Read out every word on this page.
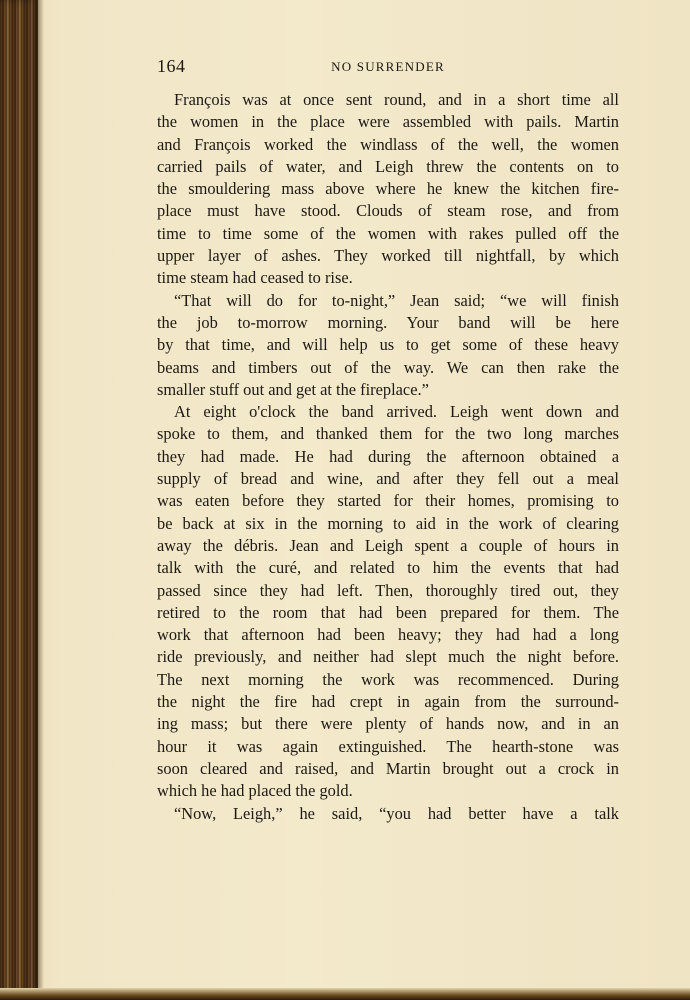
164	NO SURRENDER
François was at once sent round, and in a short time all
the women in the place were assembled with pails. Martin
and François worked the windlass of the well, the women
carried pails of water, and Leigh threw the contents on to
the smouldering mass above where he knew the kitchen fire-
place must have stood. Clouds of steam rose, and from
time to time some of the women with rakes pulled off the
upper layer of ashes. They worked till nightfall, by which
time steam had ceased to rise.
“That will do for to-night,” Jean said; “we will finish
the job to-morrow morning. Your band will be here
by that time, and will help us to get some of these heavy
beams and timbers out of the way. We can then rake the
smaller stuff out and get at the fireplace.”
At eight o'clock the band arrived. Leigh went down and
spoke to them, and thanked them for the two long marches
they had made. He had during the afternoon obtained a
supply of bread and wine, and after they fell out a meal
was eaten before they started for their homes, promising to
be back at six in the morning to aid in the work of clearing
away the débris. Jean and Leigh spent a couple of hours in
talk with the curé, and related to him the events that had
passed since they had left. Then, thoroughly tired out, they
retired to the room that had been prepared for them. The
work that afternoon had been heavy; they had had a long
ride previously, and neither had slept much the night before.
The next morning the work was recommenced. During
the night the fire had crept in again from the surround-
ing mass; but there were plenty of hands now, and in an
hour it was again extinguished. The hearth-stone was
soon cleared and raised, and Martin brought out a crock in
which he had placed the gold.
“Now, Leigh,” he said, “you had better have a talk
